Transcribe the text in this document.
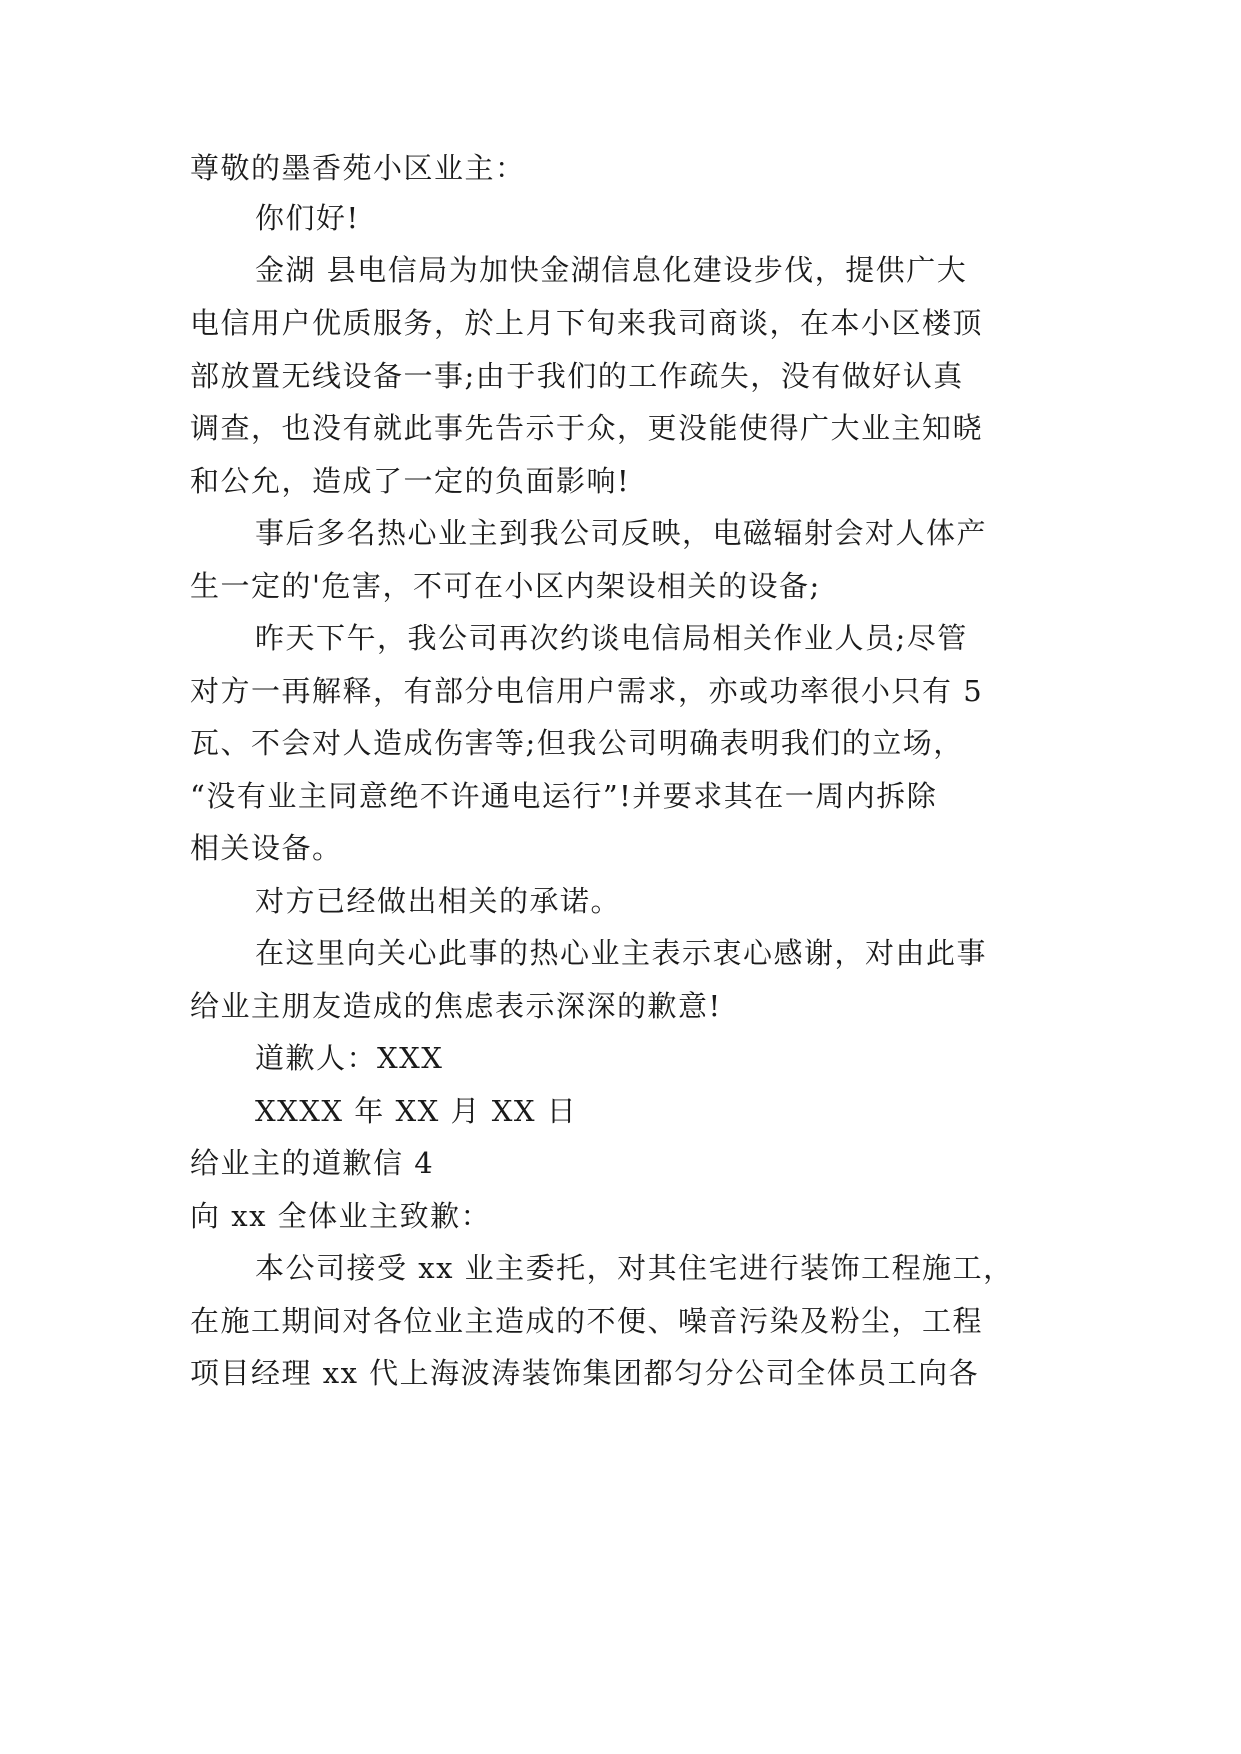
尊敬的墨香苑小区业主：
你们好!
金湖 县电信局为加快金湖信息化建设步伐，提供广大
电信用户优质服务，於上月下旬来我司商谈，在本小区楼顶
部放置无线设备一事;由于我们的工作疏失，没有做好认真
调查，也没有就此事先告示于众，更没能使得广大业主知晓
和公允，造成了一定的负面影响!
事后多名热心业主到我公司反映，电磁辐射会对人体产
生一定的'危害，不可在小区内架设相关的设备;
昨天下午，我公司再次约谈电信局相关作业人员;尽管
对方一再解释，有部分电信用户需求，亦或功率很小只有 5
瓦、不会对人造成伤害等;但我公司明确表明我们的立场，
“没有业主同意绝不许通电运行”!并要求其在一周内拆除
相关设备。
对方已经做出相关的承诺。
在这里向关心此事的热心业主表示衷心感谢，对由此事
给业主朋友造成的焦虑表示深深的歉意!
道歉人：XXX
XXXX 年 XX 月 XX 日
给业主的道歉信 4
向 xx 全体业主致歉：
本公司接受 xx 业主委托，对其住宅进行装饰工程施工，
在施工期间对各位业主造成的不便、噪音污染及粉尘，工程
项目经理 xx 代上海波涛装饰集团都匀分公司全体员工向各
